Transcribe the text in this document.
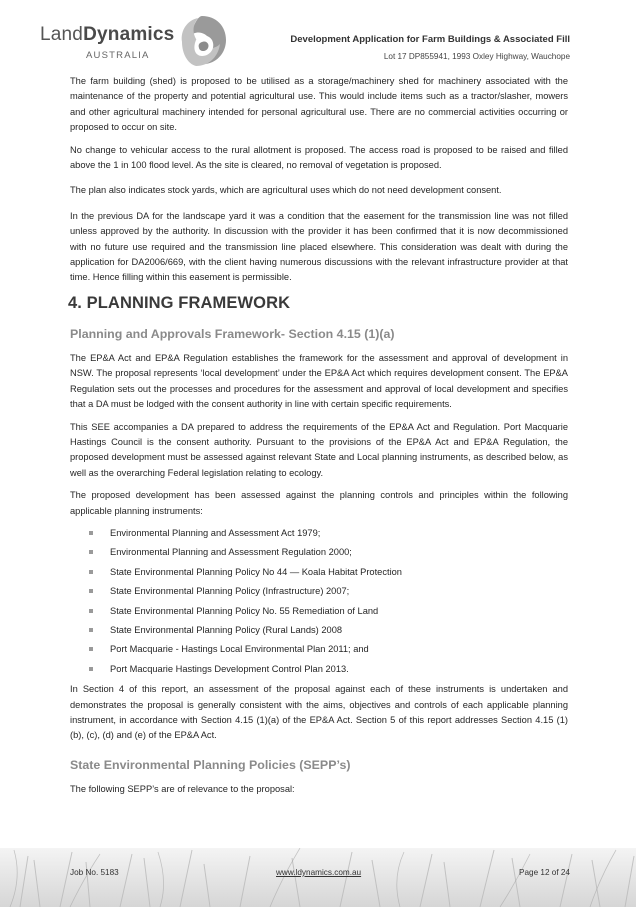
LandDynamics
AUSTRALIA
Development Application for Farm Buildings & Associated Fill
Lot 17 DP855941, 1993 Oxley Highway, Wauchope

The farm building (shed) is proposed to be utilised as a storage/machinery shed for machinery associated with the maintenance of the property and potential agricultural use. This would include items such as a tractor/slasher, mowers and other agricultural machinery intended for personal agricultural use. There are no commercial activities occurring or proposed to occur on site.

No change to vehicular access to the rural allotment is proposed. The access road is proposed to be raised and filled above the 1 in 100 flood level. As the site is cleared, no removal of vegetation is proposed.

The plan also indicates stock yards, which are agricultural uses which do not need development consent.

In the previous DA for the landscape yard it was a condition that the easement for the transmission line was not filled unless approved by the authority. In discussion with the provider it has been confirmed that it is now decommissioned with no future use required and the transmission line placed elsewhere. This consideration was dealt with during the application for DA2006/669, with the client having numerous discussions with the relevant infrastructure provider at that time. Hence filling within this easement is permissible.

4. PLANNING FRAMEWORK
Planning and Approvals Framework- Section 4.15 (1)(a)

The EP&A Act and EP&A Regulation establishes the framework for the assessment and approval of development in NSW. The proposal represents ‘local development’ under the EP&A Act which requires development consent. The EP&A Regulation sets out the processes and procedures for the assessment and approval of local development and specifies that a DA must be lodged with the consent authority in line with certain specific requirements.

This SEE accompanies a DA prepared to address the requirements of the EP&A Act and Regulation. Port Macquarie Hastings Council is the consent authority. Pursuant to the provisions of the EP&A Act and EP&A Regulation, the proposed development must be assessed against relevant State and Local planning instruments, as described below, as well as the overarching Federal legislation relating to ecology.

The proposed development has been assessed against the planning controls and principles within the following applicable planning instruments:

Environmental Planning and Assessment Act 1979;
Environmental Planning and Assessment Regulation 2000;
State Environmental Planning Policy No 44 — Koala Habitat Protection
State Environmental Planning Policy (Infrastructure) 2007;
State Environmental Planning Policy No. 55 Remediation of Land
State Environmental Planning Policy (Rural Lands) 2008
Port Macquarie - Hastings Local Environmental Plan 2011; and
Port Macquarie Hastings Development Control Plan 2013.

In Section 4 of this report, an assessment of the proposal against each of these instruments is undertaken and demonstrates the proposal is generally consistent with the aims, objectives and controls of each applicable planning instrument, in accordance with Section 4.15 (1)(a) of the EP&A Act. Section 5 of this report addresses Section 4.15 (1)(b), (c), (d) and (e) of the EP&A Act.

State Environmental Planning Policies (SEPP’s)

The following SEPP’s are of relevance to the proposal:

Job No. 5183	www.ldynamics.com.au	Page 12 of 24
